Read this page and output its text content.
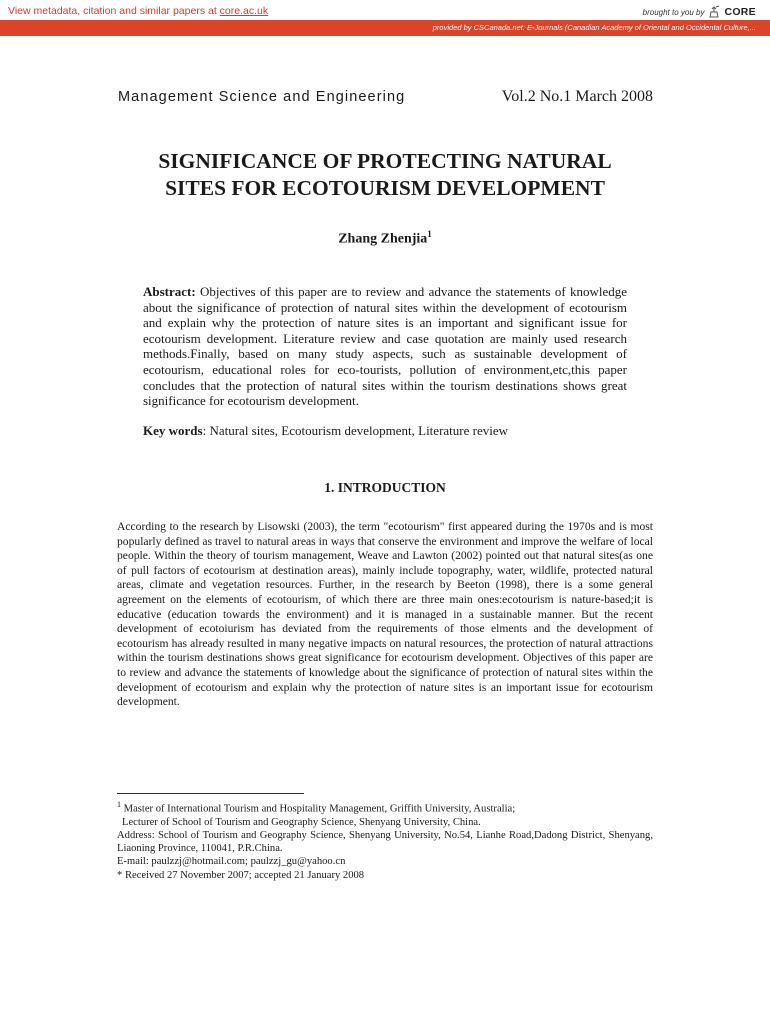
View metadata, citation and similar papers at core.ac.uk	brought to you by CORE
provided by CSCanada.net: E-Journals (Canadian Academy of Oriental and Occidental Culture,...
Management Science and Engineering	Vol.2 No.1 March 2008
SIGNIFICANCE OF PROTECTING NATURAL
SITES FOR ECOTOURISM DEVELOPMENT
Zhang Zhenjia$^1$
Abstract: Objectives of this paper are to review and advance the statements of knowledge about the significance of protection of natural sites within the development of ecotourism and explain why the protection of nature sites is an important and significant issue for ecotourism development. Literature review and case quotation are mainly used research methods.Finally, based on many study aspects, such as sustainable development of ecotourism, educational roles for eco-tourists, pollution of environment,etc,this paper concludes that the protection of natural sites within the tourism destinations shows great significance for ecotourism development.
Key words: Natural sites, Ecotourism development, Literature review
1. INTRODUCTION
According to the research by Lisowski (2003), the term "ecotourism" first appeared during the 1970s and is most popularly defined as travel to natural areas in ways that conserve the environment and improve the welfare of local people. Within the theory of tourism management, Weave and Lawton (2002) pointed out that natural sites(as one of pull factors of ecotourism at destination areas), mainly include topography, water, wildlife, protected natural areas, climate and vegetation resources. Further, in the research by Beeton (1998), there is a some general agreement on the elements of ecotourism, of which there are three main ones:ecotourism is nature-based;it is educative (education towards the environment) and it is managed in a sustainable manner. But the recent development of ecotoiurism has deviated from the requirements of those elments and the development of ecotourism has already resulted in many negative impacts on natural resources, the protection of natural attractions within the tourism destinations shows great significance for ecotourism development. Objectives of this paper are to review and advance the statements of knowledge about the significance of protection of natural sites within the development of ecotourism and explain why the protection of nature sites is an important issue for ecotourism development.
$^1$ Master of International Tourism and Hospitality Management, Griffith University, Australia;
Lecturer of School of Tourism and Geography Science, Shenyang University, China.
Address: School of Tourism and Geography Science, Shenyang University, No.54, Lianhe Road,Dadong District, Shenyang, Liaoning Province, 110041, P.R.China.
E-mail: paulzzj@hotmail.com; paulzzj_gu@yahoo.cn
* Received 27 November 2007; accepted 21 January 2008
